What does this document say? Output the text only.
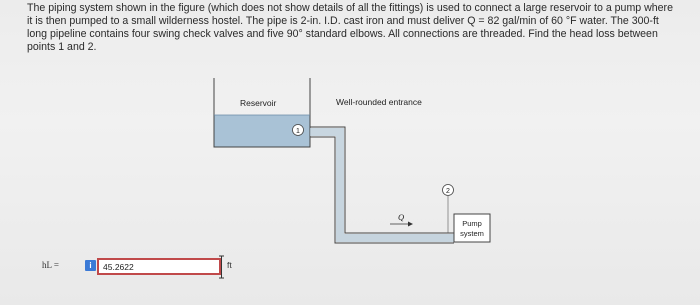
The piping system shown in the figure (which does not show details of all the fittings) is used to connect a large reservoir to a pump where it is then pumped to a small wilderness hostel. The pipe is 2-in. I.D. cast iron and must deliver Q = 82 gal/min of 60 °F water. The 300-ft long pipeline contains four swing check valves and five 90° standard elbows. All connections are threaded. Find the head loss between points 1 and 2.
1
2
Q
Reservoir	Well-rounded entrance
Pump
system
hL =	i
45.2622	ft
